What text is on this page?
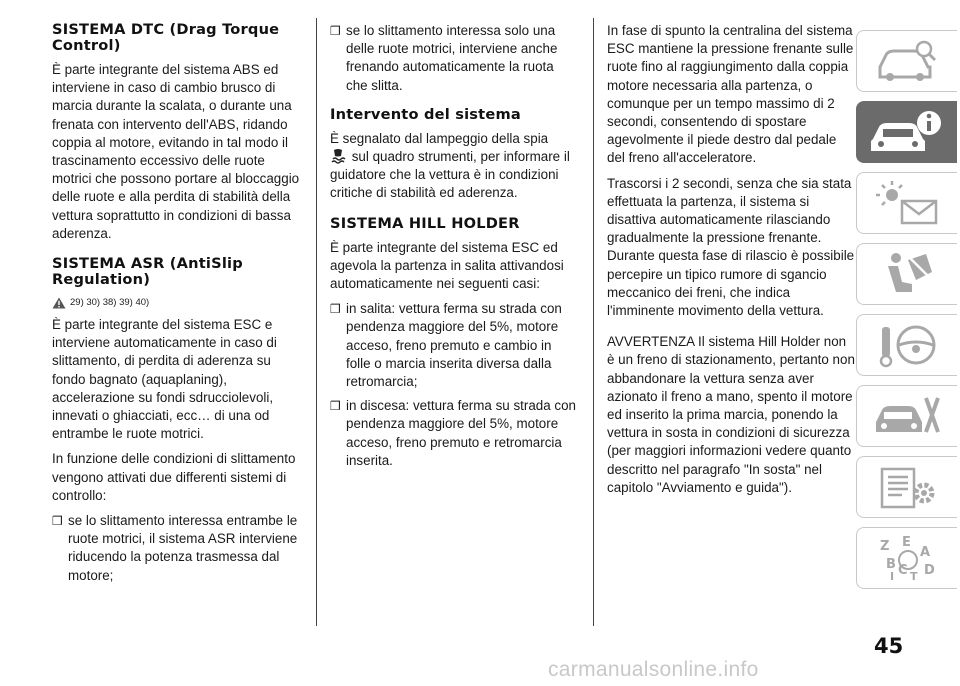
SISTEMA DTC (Drag Torque Control)

È parte integrante del sistema ABS ed interviene in caso di cambio brusco di marcia durante la scalata, o durante una frenata con intervento dell'ABS, ridando coppia al motore, evitando in tal modo il trascinamento eccessivo delle ruote motrici che possono portare al bloccaggio delle ruote e alla perdita di stabilità della vettura soprattutto in condizioni di bassa aderenza.

SISTEMA ASR (AntiSlip Regulation)
29) 30) 38) 39) 40)

È parte integrante del sistema ESC e interviene automaticamente in caso di slittamento, di perdita di aderenza su fondo bagnato (aquaplaning), accelerazione su fondi sdrucciolevoli, innevati o ghiacciati, ecc… di una od entrambe le ruote motrici.

In funzione delle condizioni di slittamento vengono attivati due differenti sistemi di controllo:

❒ se lo slittamento interessa entrambe le ruote motrici, il sistema ASR interviene riducendo la potenza trasmessa dal motore;
❒ se lo slittamento interessa solo una delle ruote motrici, interviene anche frenando automaticamente la ruota che slitta.
Intervento del sistema

È segnalato dal lampeggio della spia
sul quadro strumenti, per informare il guidatore che la vettura è in condizioni critiche di stabilità ed aderenza.

SISTEMA HILL HOLDER

È parte integrante del sistema ESC ed agevola la partenza in salita attivandosi automaticamente nei seguenti casi:

❒ in salita: vettura ferma su strada con pendenza maggiore del 5%, motore acceso, freno premuto e cambio in folle o marcia inserita diversa dalla retromarcia;
❒ in discesa: vettura ferma su strada con pendenza maggiore del 5%, motore acceso, freno premuto e retromarcia inserita.

In fase di spunto la centralina del sistema ESC mantiene la pressione frenante sulle ruote fino al raggiungimento dalla coppia motore necessaria alla partenza, o comunque per un tempo massimo di 2 secondi, consentendo di spostare agevolmente il piede destro dal pedale del freno all'acceleratore.

Trascorsi i 2 secondi, senza che sia stata effettuata la partenza, il sistema si disattiva automaticamente rilasciando gradualmente la pressione frenante. Durante questa fase di rilascio è possibile percepire un tipico rumore di sgancio meccanico dei freni, che indica l'imminente movimento della vettura.

AVVERTENZA Il sistema Hill Holder non è un freno di stazionamento, pertanto non abbandonare la vettura senza aver azionato il freno a mano, spento il motore ed inserito la prima marcia, ponendo la vettura in sosta in condizioni di sicurezza (per maggiori informazioni vedere quanto descritto nel paragrafo "In sosta" nel capitolo "Avviamento e guida").

Z E
A
B C D
I T
45
carmanualsonline.info
